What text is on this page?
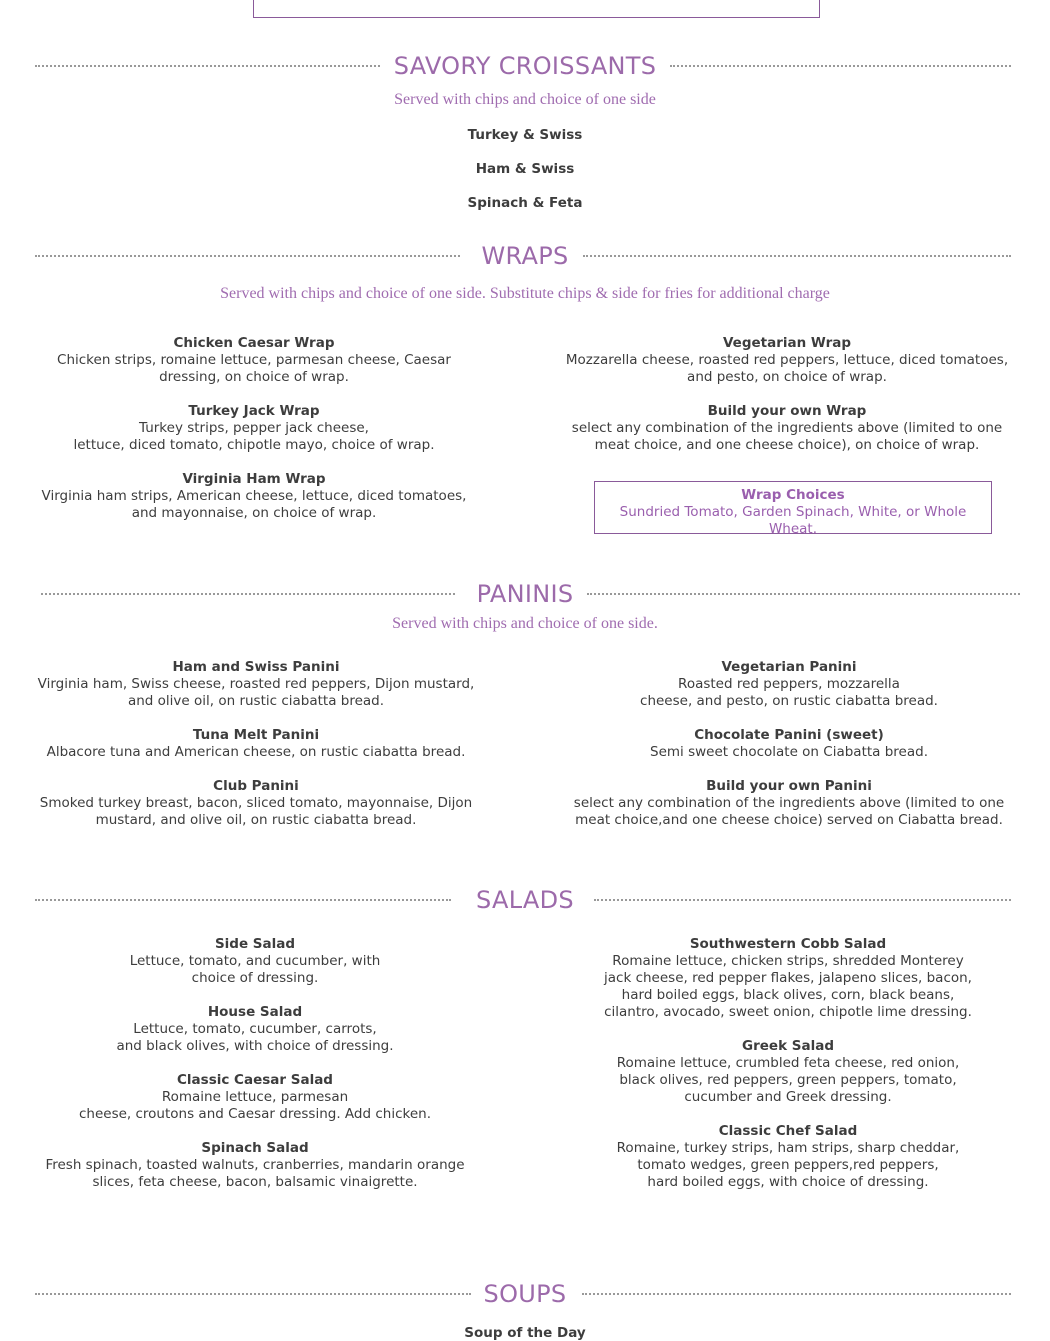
SAVORY CROISSANTS
Served with chips and choice of one side
Turkey & Swiss
Ham & Swiss
Spinach & Feta
WRAPS
Served with chips and choice of one side. Substitute chips & side for fries for additional charge
Chicken Caesar Wrap
Chicken strips, romaine lettuce, parmesan cheese, Caesar
dressing, on choice of wrap.
Turkey Jack Wrap
Turkey strips, pepper jack cheese,
lettuce, diced tomato, chipotle mayo, choice of wrap.
Virginia Ham Wrap
Virginia ham strips, American cheese, lettuce, diced tomatoes,
and mayonnaise, on choice of wrap.
Vegetarian Wrap
Mozzarella cheese, roasted red peppers, lettuce, diced tomatoes,
and pesto, on choice of wrap.
Build your own Wrap
select any combination of the ingredients above (limited to one
meat choice, and one cheese choice), on choice of wrap.
Wrap Choices
Sundried Tomato, Garden Spinach, White, or Whole Wheat.
PANINIS
Served with chips and choice of one side.
Ham and Swiss Panini
Virginia ham, Swiss cheese, roasted red peppers, Dijon mustard,
and olive oil, on rustic ciabatta bread.
Tuna Melt Panini
Albacore tuna and American cheese, on rustic ciabatta bread.
Club Panini
Smoked turkey breast, bacon, sliced tomato, mayonnaise, Dijon
mustard, and olive oil, on rustic ciabatta bread.
Vegetarian Panini
Roasted red peppers, mozzarella
cheese, and pesto, on rustic ciabatta bread.
Chocolate Panini (sweet)
Semi sweet chocolate on Ciabatta bread.
Build your own Panini
select any combination of the ingredients above (limited to one
meat choice,and one cheese choice) served on Ciabatta bread.
SALADS
Side Salad
Lettuce, tomato, and cucumber, with
choice of dressing.
House Salad
Lettuce, tomato, cucumber, carrots,
and black olives, with choice of dressing.
Classic Caesar Salad
Romaine lettuce, parmesan
cheese, croutons and Caesar dressing. Add chicken.
Spinach Salad
Fresh spinach, toasted walnuts, cranberries, mandarin orange
slices, feta cheese, bacon, balsamic vinaigrette.
Southwestern Cobb Salad
Romaine lettuce, chicken strips, shredded Monterey
jack cheese, red pepper flakes, jalapeno slices, bacon,
hard boiled eggs, black olives, corn, black beans,
cilantro, avocado, sweet onion, chipotle lime dressing.
Greek Salad
Romaine lettuce, crumbled feta cheese, red onion,
black olives, red peppers, green peppers, tomato,
cucumber and Greek dressing.
Classic Chef Salad
Romaine, turkey strips, ham strips, sharp cheddar,
tomato wedges, green peppers,red peppers,
hard boiled eggs, with choice of dressing.
SOUPS
Soup of the Day
